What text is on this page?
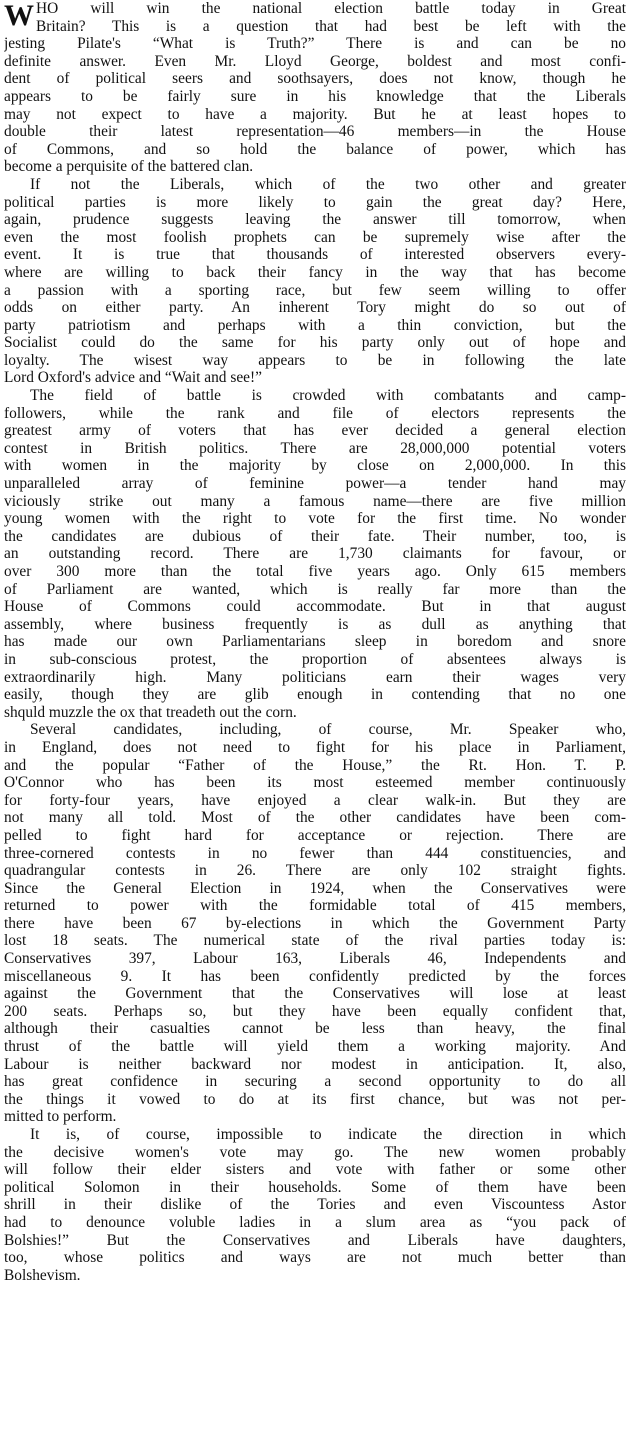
W HO will win the national election battle today in Great
Britain? This is a question that had best be left with the
jesting Pilate's “What is Truth?” There is and can be no
definite answer. Even Mr. Lloyd George, boldest and most confi-
dent of political seers and soothsayers, does not know, though he
appears to be fairly sure in his knowledge that the Liberals
may not expect to have a majority. But he at least hopes to
double their latest representation—46 members—in the House
of Commons, and so hold the balance of power, which has
become a perquisite of the battered clan.
If not the Liberals, which of the two other and greater
political parties is more likely to gain the great day? Here,
again, prudence suggests leaving the answer till tomorrow, when
even the most foolish prophets can be supremely wise after the
event. It is true that thousands of interested observers every-
where are willing to back their fancy in the way that has become
a passion with a sporting race, but few seem willing to offer
odds on either party. An inherent Tory might do so out of
party patriotism and perhaps with a thin conviction, but the
Socialist could do the same for his party only out of hope and
loyalty. The wisest way appears to be in following the late
Lord Oxford's advice and “Wait and see!”
The field of battle is crowded with combatants and camp-
followers, while the rank and file of electors represents the
greatest army of voters that has ever decided a general election
contest in British politics. There are 28,000,000 potential voters
with women in the majority by close on 2,000,000. In this
unparalleled array of feminine power—a tender hand may
viciously strike out many a famous name—there are five million
young women with the right to vote for the first time. No wonder
the candidates are dubious of their fate. Their number, too, is
an outstanding record. There are 1,730 claimants for favour, or
over 300 more than the total five years ago. Only 615 members
of Parliament are wanted, which is really far more than the
House of Commons could accommodate. But in that august
assembly, where business frequently is as dull as anything that
has made our own Parliamentarians sleep in boredom and snore
in sub-conscious protest, the proportion of absentees always is
extraordinarily high. Many politicians earn their wages very
easily, though they are glib enough in contending that no one
shquld muzzle the ox that treadeth out the corn.
Several candidates, including, of course, Mr. Speaker who,
in England, does not need to fight for his place in Parliament,
and the popular “Father of the House,” the Rt. Hon. T. P.
O'Connor who has been its most esteemed member continuously
for forty-four years, have enjoyed a clear walk-in. But they are
not many all told. Most of the other candidates have been com-
pelled to fight hard for acceptance or rejection. There are
three-cornered contests in no fewer than 444 constituencies, and
quadrangular contests in 26. There are only 102 straight fights.
Since the General Election in 1924, when the Conservatives were
returned to power with the formidable total of 415 members,
there have been 67 by-elections in which the Government Party
lost 18 seats. The numerical state of the rival parties today is:
Conservatives 397, Labour 163, Liberals 46, Independents and
miscellaneous 9. It has been confidently predicted by the forces
against the Government that the Conservatives will lose at least
200 seats. Perhaps so, but they have been equally confident that,
although their casualties cannot be less than heavy, the final
thrust of the battle will yield them a working majority. And
Labour is neither backward nor modest in anticipation. It, also,
has great confidence in securing a second opportunity to do all
the things it vowed to do at its first chance, but was not per-
mitted to perform.
It is, of course, impossible to indicate the direction in which
the decisive women's vote may go. The new women probably
will follow their elder sisters and vote with father or some other
political Solomon in their households. Some of them have been
shrill in their dislike of the Tories and even Viscountess Astor
had to denounce voluble ladies in a slum area as “you pack of
Bolshies!” But the Conservatives and Liberals have daughters,
too, whose politics and ways are not much better than
Bolshevism.
